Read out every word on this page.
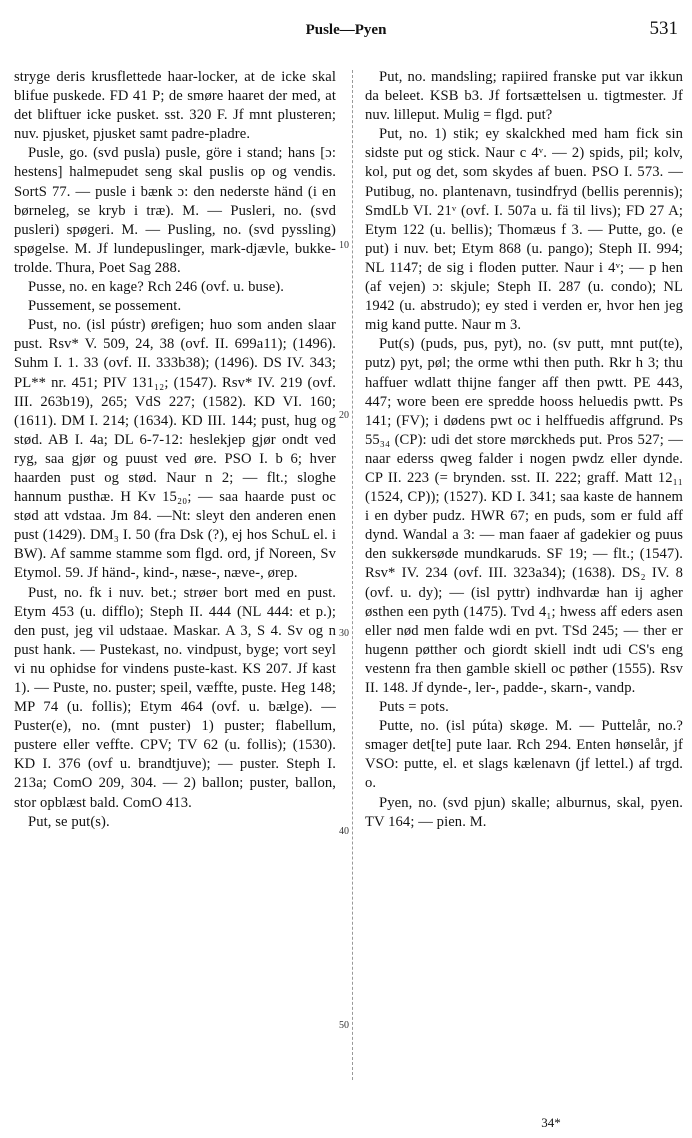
Pusle—Pyen	531

strygе deris krusflettede haar-locker, at de icke skal blifue puskede. FD 41 P; de smøre haaret der med, at det bliftuer icke pusket. sst. 320 F. Jf mnt plusteren; nuv. pjusket, pjusket samt padre-pladre.

Pusle, go. (svd pusla) pusle, göre i stand; hans [ɔ: hestens] halmepudet seng skal puslis op og vendis. SortS 77. — pusle i bænk ɔ: den nederste händ (i en børneleg, se kryb i træ). M. — Pusleri, no. (svd pusleri) spøgeri. M. — Pusling, no. (svd pyssling) spøgelse. M. Jf lundepuslinger, mark-djævle, bukke-trolde. Thura, Poet Sag 288.

Pusse, no. en kage? Rch 246 (ovf. u. buse).

Pussement, se possement.

Pust, no. (isl pústr) ørefigen; huo som anden slaar pust. Rsv* V. 509, 24, 38 (ovf. II. 699a11); (1496). Suhm I. 1. 33 (ovf. II. 333b38); (1496). DS IV. 343; PL** nr. 451; PIV 131₁₂; (1547). Rsv* IV. 219 (ovf. III. 263b19), 265; VdS 227; (1582). KD VI. 160; (1611). DM I. 214; (1634). KD III. 144; pust, hug og stød. AB I. 4a; DL 6-7-12: heslekjep gjør ondt ved ryg, saa gjør og puust ved øre. PSO I. b 6; hver haarden pust og stød. Naur n 2; — flt.; sloghe hannum pusthæ. H Kv 15₂₀; — saa haarde pust oc stød att vdstaa. Jm 84. —Nt: sleyt den anderen enen pust (1429). DM₃ I. 50 (fra Dsk (?), ej hos SchuL el. i BW). Af samme stamme som flgd. ord, jf Noreen, Sv Etymol. 59. Jf händ-, kind-, næse-, næve-, ørep.

Pust, no. fk i nuv. bet.; strøer bort med en pust. Etym 453 (u. difflo); Steph II. 444 (NL 444: et p.); den pust, jeg vil udstaae. Maskar. A 3, S 4. Sv og n pust hank. — Pustekast, no. vindpust, byge; vort seyl vi nu ophidse for vindens puste-kast. KS 207. Jf kast 1). — Puste, no. puster; speil, væffte, puste. Heg 148; MP 74 (u. follis); Etym 464 (ovf. u. bælge). — Puster(e), no. (mnt puster) 1) puster; flabellum, pustere eller veffte. CPV; TV 62 (u. follis); (1530). KD I. 376 (ovf u. brandtjuve); — puster. Steph I. 213a; ComO 209, 304. — 2) ballon; puster, ballon, stor opblæst bald. ComO 413.

Put, se put(s).

10
20
30
40
50

Put, no. mandsling; rapiired franske put var ikkun da beleet. KSB b3. Jf fortsættelsen u. tigtmester. Jf nuv. lilleput. Mulig = flgd. put?

Put, no. 1) stik; ey skalckhed med ham fick sin sidste put og stick. Naur c 4ᵛ. — 2) spids, pil; kolv, kol, put og det, som skydes af buen. PSO I. 573. — Putibug, no. plantenavn, tusindfryd (bellis perennis); SmdLb VI. 21ᵛ (ovf. I. 507a u. fä til livs); FD 27 A; Etym 122 (u. bellis); Thomæus f 3. — Putte, go. (e put) i nuv. bet; Etym 868 (u. pango); Steph II. 994; NL 1147; de sig i floden putter. Naur i 4ᵛ; — p hen (af vejen) ɔ: skjule; Steph II. 287 (u. condo); NL 1942 (u. abstrudo); ey sted i verden er, hvor hen jeg mig kand putte. Naur m 3.

Put(s) (puds, pus, pyt), no. (sv putt, mnt put(te), putz) pyt, pøl; the orme wthi then puth. Rkr h 3; thu haffuer wdlatt thijne fanger aff then pwtt. PE 443, 447; wore been ere spredde hooss heluedis pwtt. Ps 141; (FV); i dødens pwt oc i helffuedis affgrund. Ps 55₃₄ (CP): udi det store mørckheds put. Pros 527; — naar ederss qweg falder i nogen pwdz eller dynde. CP II. 223 (= brynden. sst. II. 222; graff. Matt 12₁₁ (1524, CP)); (1527). KD I. 341; saa kaste de hannem i en dyber pudz. HWR 67; en puds, som er fuld aff dynd. Wandal a 3: — man faaer af gadekier og puus den sukkersøde mundkaruds. SF 19; — flt.; (1547). Rsv* IV. 234 (ovf. III. 323a34); (1638). DS₂ IV. 8 (ovf. u. dy); — (isl pyttr) indhvardæ han ij agher østhen een pyth (1475). Tvd 4₁; hwess aff eders asen eller nød men falde wdi en pvt. TSd 245; — ther er hugenn pøtther och giordt skiell indt udi CS's eng vestenn fra then gamble skiell oc pøther (1555). Rsv II. 148. Jf dynde-, ler-, padde-, skarn-, vandp.

Puts = pots.

Putte, no. (isl púta) skøge. M. — Puttelår, no.? smager det[te] pute laar. Rch 294. Enten hønselår, jf VSO: putte, el. et slags kælenavn (jf lettel.) af trgd. o.

Pyen, no. (svd pjun) skalle; alburnus, skal, pyen. TV 164; — pien. M.

34*
